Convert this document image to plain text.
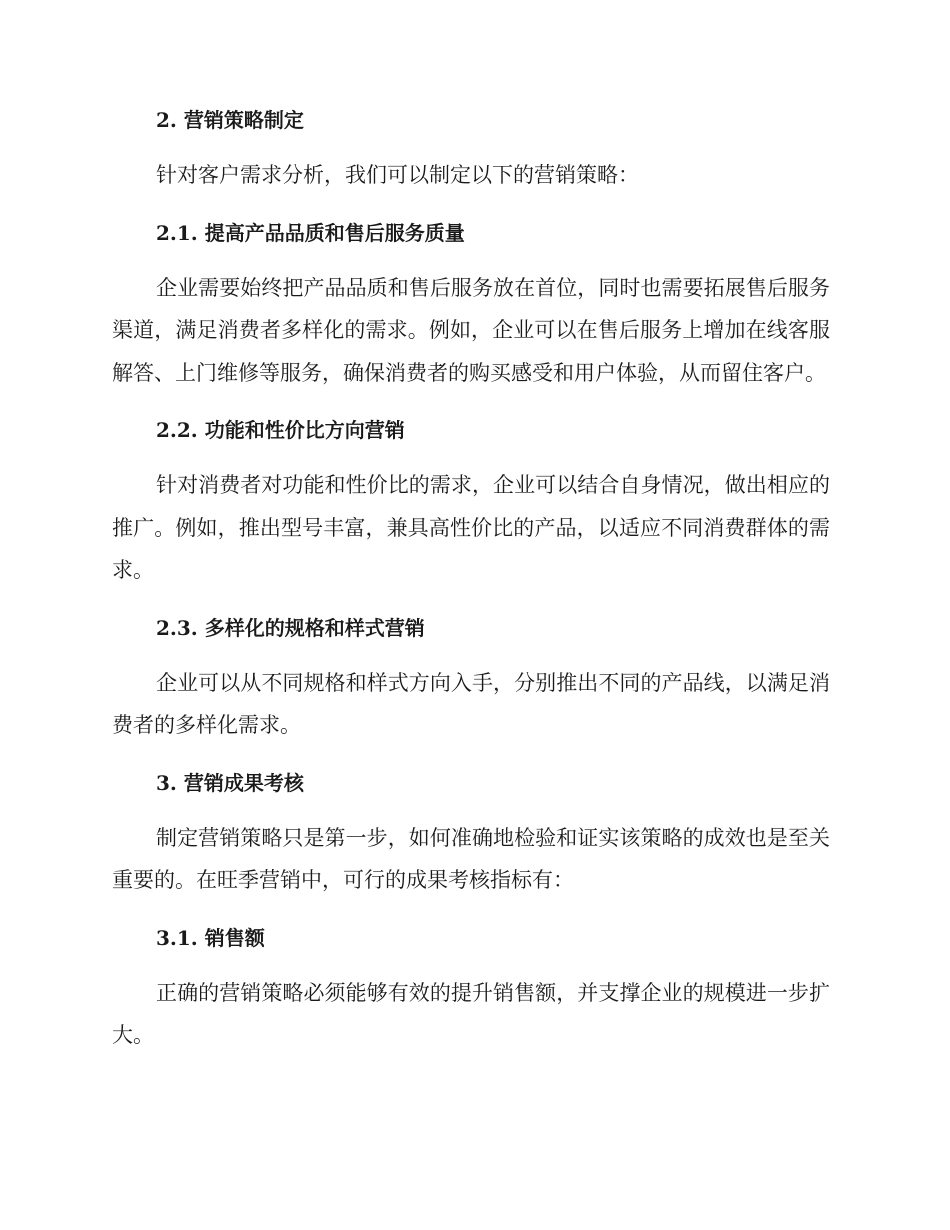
2. 营销策略制定

针对客户需求分析，我们可以制定以下的营销策略：

2.1. 提高产品品质和售后服务质量

企业需要始终把产品品质和售后服务放在首位，同时也需要拓展售后服务渠道，满足消费者多样化的需求。例如，企业可以在售后服务上增加在线客服解答、上门维修等服务，确保消费者的购买感受和用户体验，从而留住客户。

2.2. 功能和性价比方向营销

针对消费者对功能和性价比的需求，企业可以结合自身情况，做出相应的推广。例如，推出型号丰富，兼具高性价比的产品，以适应不同消费群体的需求。

2.3. 多样化的规格和样式营销

企业可以从不同规格和样式方向入手，分别推出不同的产品线，以满足消费者的多样化需求。

3. 营销成果考核

制定营销策略只是第一步，如何准确地检验和证实该策略的成效也是至关重要的。在旺季营销中，可行的成果考核指标有：

3.1. 销售额

正确的营销策略必须能够有效的提升销售额，并支撑企业的规模进一步扩大。
